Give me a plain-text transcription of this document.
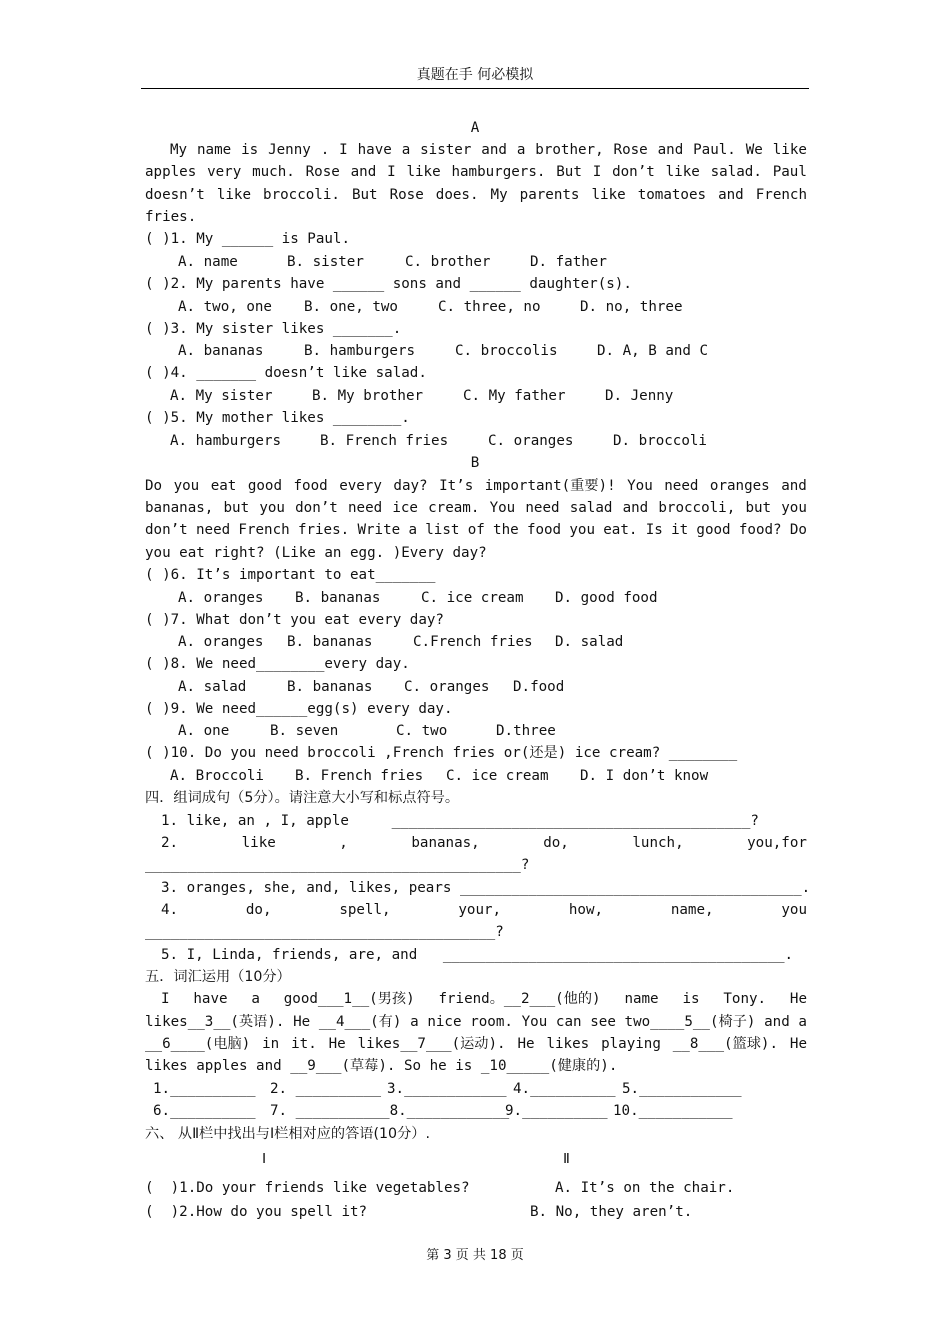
真题在手 何必模拟
A
My name is Jenny . I have a sister and a brother, Rose and Paul. We like
apples very much. Rose and I like hamburgers. But I don’t like salad. Paul
doesn’t like broccoli. But Rose does. My parents like tomatoes and French
fries.
( )1. My ______ is Paul.
A. name	B. sister	C. brother	D. father
( )2. My parents have ______ sons and ______ daughter(s).
A. two, one B. one, two	C. three, no	D. no, three
( )3. My sister likes _______.
A. bananas	B. hamburgers	C. broccolis	D. A, B and C
( )4. _______ doesn’t like salad.
A. My sister	B. My brother	C. My father	D. Jenny
( )5. My mother likes ________.
A. hamburgers	B. French fries	C. oranges	D. broccoli
B
Do you eat good food every day? It’s important(重要)! You need oranges and
bananas, but you don’t need ice cream. You need salad and broccoli, but you
don’t need French fries. Write a list of the food you eat. Is it good food? Do
you eat right? (Like an egg. )Every day?
( )6. It’s important to eat_______
A. oranges B. bananas	C. ice cream D. good food
( )7. What don’t you eat every day?
A. oranges B. bananas	C.French fries D. salad
( )8. We need________every day.
A. salad	B. bananas C. oranges D.food
( )9. We need______egg(s) every day.
A. one	B. seven	C. two	D.three
( )10. Do you need broccoli ,French fries or(还是) ice cream? ________
A. Broccoli B. French fries C. ice cream D. I don’t know
四．组词成句（5分）。请注意大小写和标点符号。
1. like, an , I, apple     __________________________________________?
2.	like	,	bananas,	do,	lunch,	you,for
____________________________________________?
3. oranges, she, and, likes, pears ________________________________________.
4.	do,	spell,	your,	how,	name,	you
_________________________________________?
5. I, Linda, friends, are, and   ________________________________________.
五．词汇运用（10分）
I have a good___1__(男孩) friend。__2___(他的) name is Tony. He
likes__3__(英语). He __4___(有) a nice room. You can see two____5__(椅子) and a
__6____(电脑) in it. He likes__7___(运动). He likes playing __8___(篮球). He
likes apples and __9___(草莓). So he is _10_____(健康的).
1.__________ 2. __________ 3.____________ 4.__________ 5.____________
6.__________ 7. ___________8.____________
9.__________ 10.___________
六、 从Ⅱ栏中找出与Ⅰ栏相对应的答语(10分）.
Ⅰ	Ⅱ
(  )1.Do your friends like vegetables?	A. It’s on the chair.
(  )2.How do you spell it?	B. No, they aren’t.
第 3 页 共 18 页
